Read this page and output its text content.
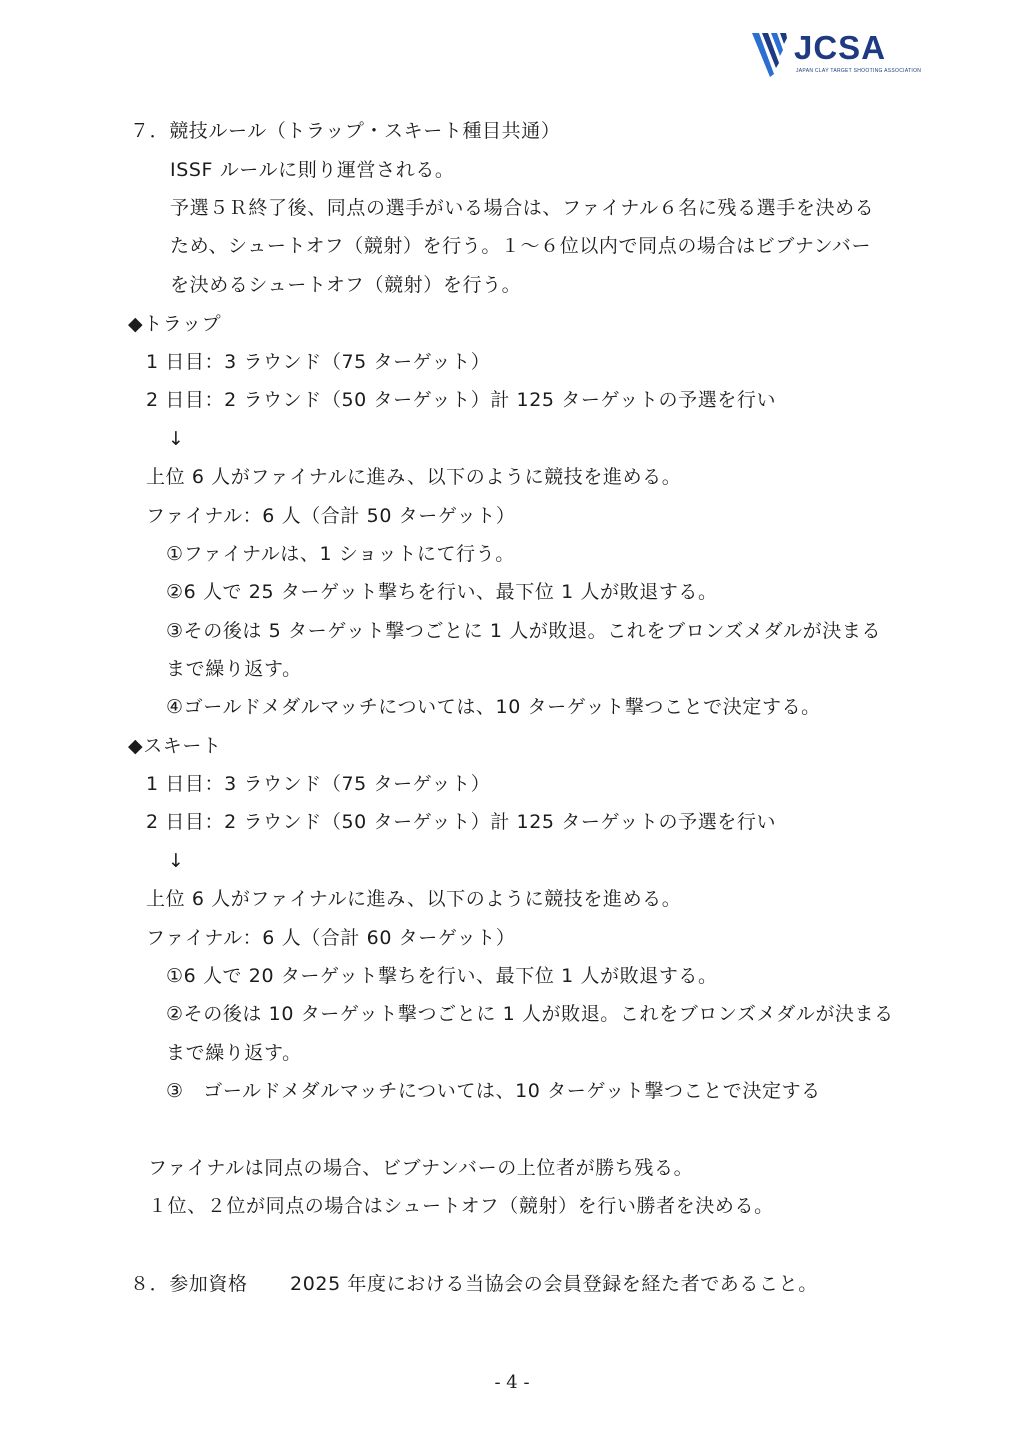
JCSA
JAPAN CLAY TARGET SHOOTING ASSOCIATION
７．競技ルール（トラップ・スキート種目共通）
ISSF ルールに則り運営される。
予選５Ｒ終了後、同点の選手がいる場合は、ファイナル６名に残る選手を決める
ため、シュートオフ（競射）を行う。１～６位以内で同点の場合はビブナンバー
を決めるシュートオフ（競射）を行う。
◆トラップ
1 日目：3 ラウンド（75 ターゲット）
2 日目：2 ラウンド（50 ターゲット）計 125 ターゲットの予選を行い
↓
上位 6 人がファイナルに進み、以下のように競技を進める。
ファイナル：6 人（合計 50 ターゲット）
①ファイナルは、1 ショットにて行う。
②6 人で 25 ターゲット撃ちを行い、最下位 1 人が敗退する。
③その後は 5 ターゲット撃つごとに 1 人が敗退。これをブロンズメダルが決まる
まで繰り返す。
④ゴールドメダルマッチについては、10 ターゲット撃つことで決定する。
◆スキート
1 日目：3 ラウンド（75 ターゲット）
2 日目：2 ラウンド（50 ターゲット）計 125 ターゲットの予選を行い
↓
上位 6 人がファイナルに進み、以下のように競技を進める。
ファイナル：6 人（合計 60 ターゲット）
①6 人で 20 ターゲット撃ちを行い、最下位 1 人が敗退する。
②その後は 10 ターゲット撃つごとに 1 人が敗退。これをブロンズメダルが決まる
まで繰り返す。
③　ゴールドメダルマッチについては、10 ターゲット撃つことで決定する
ファイナルは同点の場合、ビブナンバーの上位者が勝ち残る。
１位、２位が同点の場合はシュートオフ（競射）を行い勝者を決める。
８．参加資格 2025 年度における当協会の会員登録を経た者であること。
- 4 -
